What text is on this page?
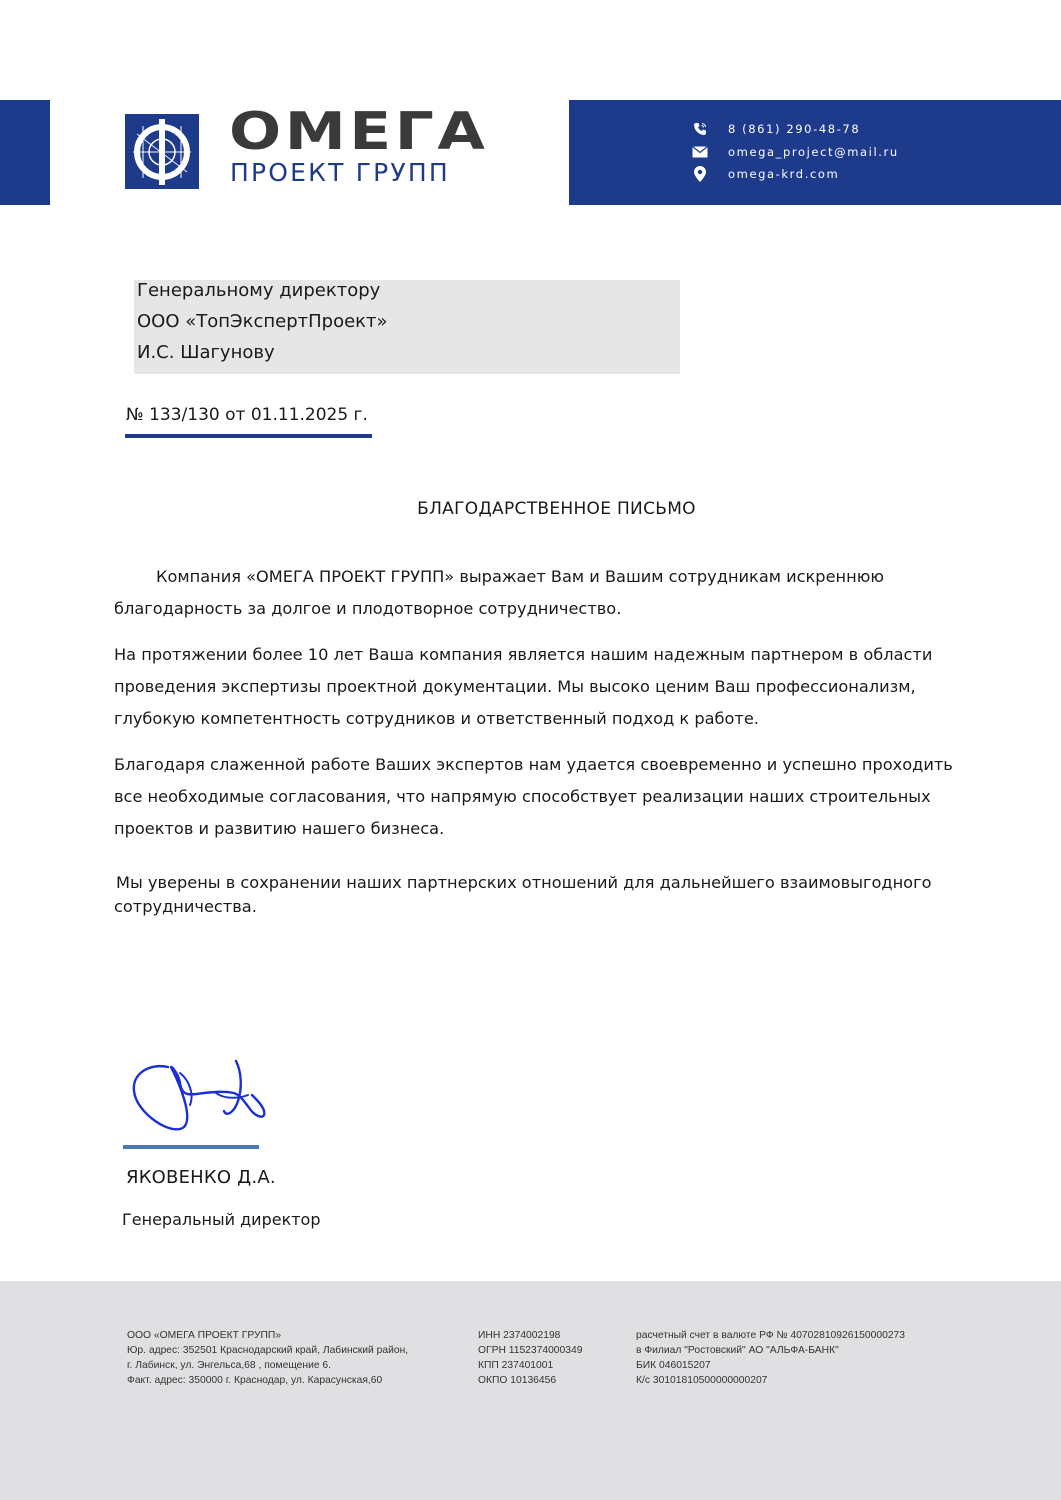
ОМЕГА
ПРОЕКТ ГРУПП
8 (861) 290-48-78
omega_project@mail.ru
omega-krd.com
Генеральному директору
ООО «ТопЭкспертПроект»
И.С. Шагунову
№ 133/130 от 01.11.2025 г.
БЛАГОДАРСТВЕННОЕ ПИСЬМО
Компания «ОМЕГА ПРОЕКТ ГРУПП» выражает Вам и Вашим сотрудникам искреннюю
благодарность за долгое и плодотворное сотрудничество.
На протяжении более 10 лет Ваша компания является нашим надежным партнером в области
проведения экспертизы проектной документации. Мы высоко ценим Ваш профессионализм,
глубокую компетентность сотрудников и ответственный подход к работе.
Благодаря слаженной работе Ваших экспертов нам удается своевременно и успешно проходить
все необходимые согласования, что напрямую способствует реализации наших строительных
проектов и развитию нашего бизнеса.
Мы уверены в сохранении наших партнерских отношений для дальнейшего взаимовыгодного
сотрудничества.
ЯКОВЕНКО Д.А.
Генеральный директор
ООО «ОМЕГА ПРОЕКТ ГРУПП»
Юр. адрес: 352501 Краснодарский край, Лабинский район,
г. Лабинск, ул. Энгельса,68 , помещение 6.
Факт. адрес: 350000 г. Краснодар, ул. Карасунская,60
ИНН 2374002198
ОГРН 1152374000349
КПП 237401001
ОКПО 10136456
расчетный счет в валюте РФ № 40702810926150000273
в Филиал "Ростовский" АО "АЛЬФА-БАНК"
БИК 046015207
К/с 30101810500000000207
